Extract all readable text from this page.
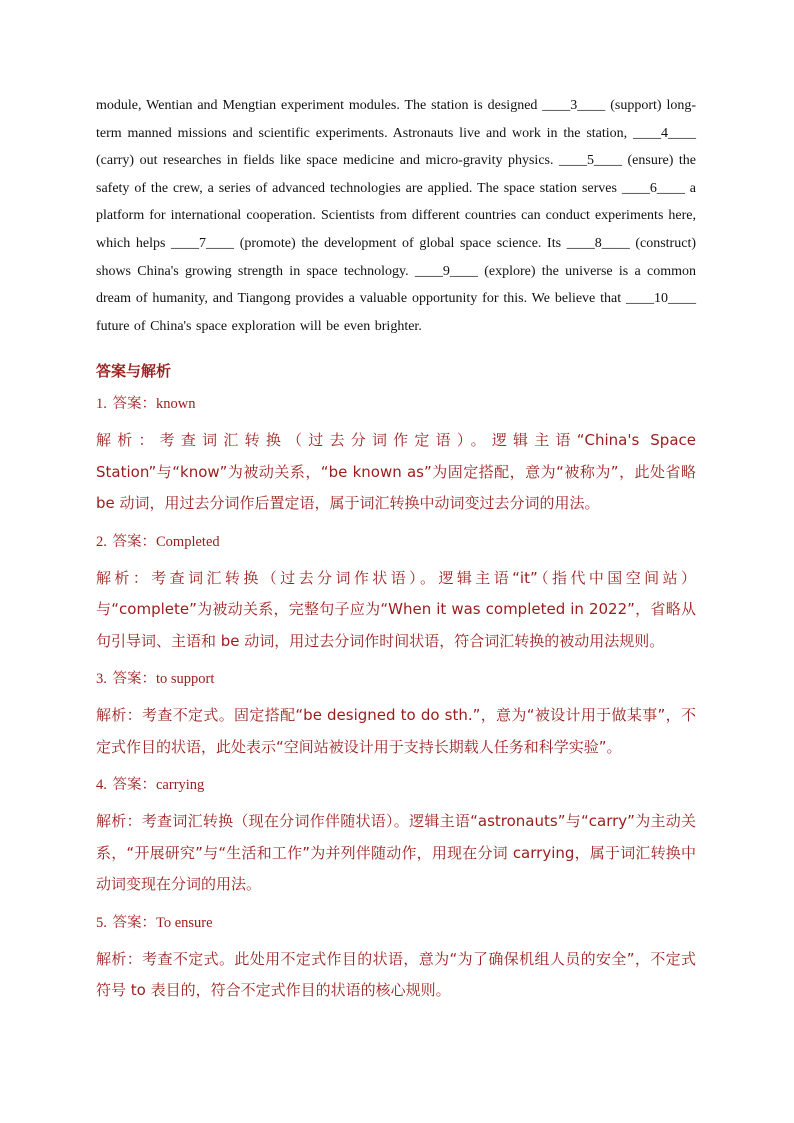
module, Wentian and Mengtian experiment modules. The station is designed ____3____ (support) long-term manned missions and scientific experiments. Astronauts live and work in the station, ____4____ (carry) out researches in fields like space medicine and micro-gravity physics. ____5____ (ensure) the safety of the crew, a series of advanced technologies are applied. The space station serves ____6____ a platform for international cooperation. Scientists from different countries can conduct experiments here, which helps ____7____ (promote) the development of global space science. Its ____8____ (construct) shows China's growing strength in space technology. ____9____ (explore) the universe is a common dream of humanity, and Tiangong provides a valuable opportunity for this. We believe that ____10____ future of China's space exploration will be even brighter.

答案与解析

1. 答案：known

解析：考查词汇转换（过去分词作定语）。逻辑主语“China's Space Station”与“know”为被动关系，“be known as”为固定搭配，意为“被称为”，此处省略 be 动词，用过去分词作后置定语，属于词汇转换中动词变过去分词的用法。

2. 答案：Completed

解析：考查词汇转换（过去分词作状语）。逻辑主语“it”（指代中国空间站）与“complete”为被动关系，完整句子应为“When it was completed in 2022”，省略从句引导词、主语和 be 动词，用过去分词作时间状语，符合词汇转换的被动用法规则。

3. 答案：to support

解析：考查不定式。固定搭配“be designed to do sth.”，意为“被设计用于做某事”，不定式作目的状语，此处表示“空间站被设计用于支持长期载人任务和科学实验”。

4. 答案：carrying

解析：考查词汇转换（现在分词作伴随状语）。逻辑主语“astronauts”与“carry”为主动关系，“开展研究”与“生活和工作”为并列伴随动作，用现在分词 carrying，属于词汇转换中动词变现在分词的用法。

5. 答案：To ensure

解析：考查不定式。此处用不定式作目的状语，意为“为了确保机组人员的安全”，不定式符号 to 表目的，符合不定式作目的状语的核心规则。
